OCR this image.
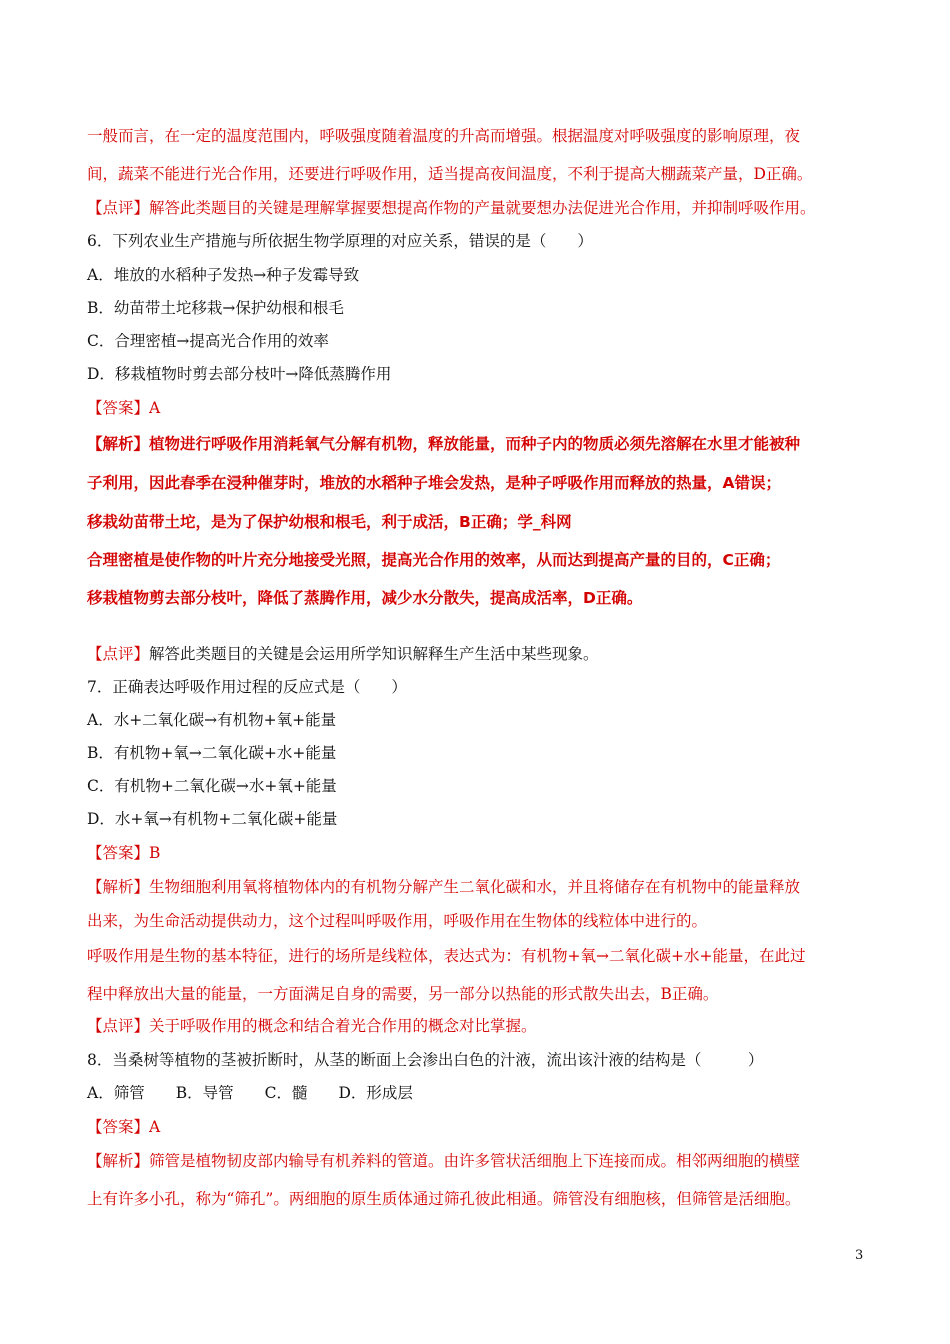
一般而言，在一定的温度范围内，呼吸强度随着温度的升高而增强。根据温度对呼吸强度的影响原理，夜
间，蔬菜不能进行光合作用，还要进行呼吸作用，适当提高夜间温度，不利于提高大棚蔬菜产量，D正确。
【点评】解答此类题目的关键是理解掌握要想提高作物的产量就要想办法促进光合作用，并抑制呼吸作用。
6．下列农业生产措施与所依据生物学原理的对应关系，错误的是（　　）
A．堆放的水稻种子发热→种子发霉导致
B．幼苗带土坨移栽→保护幼根和根毛
C．合理密植→提高光合作用的效率
D．移栽植物时剪去部分枝叶→降低蒸腾作用
【答案】A
【解析】植物进行呼吸作用消耗氧气分解有机物，释放能量，而种子内的物质必须先溶解在水里才能被种
子利用，因此春季在浸种催芽时，堆放的水稻种子堆会发热，是种子呼吸作用而释放的热量，A错误；
移栽幼苗带土坨，是为了保护幼根和根毛，利于成活，B正确；学_科网
合理密植是使作物的叶片充分地接受光照，提高光合作用的效率，从而达到提高产量的目的，C正确；
移栽植物剪去部分枝叶，降低了蒸腾作用，减少水分散失，提高成活率，D正确。
【点评】解答此类题目的关键是会运用所学知识解释生产生活中某些现象。
7．正确表达呼吸作用过程的反应式是（　　）
A．水+二氧化碳→有机物+氧+能量
B．有机物+氧→二氧化碳+水+能量
C．有机物+二氧化碳→水+氧+能量
D．水+氧→有机物+二氧化碳+能量
【答案】B
【解析】生物细胞利用氧将植物体内的有机物分解产生二氧化碳和水，并且将储存在有机物中的能量释放
出来，为生命活动提供动力，这个过程叫呼吸作用，呼吸作用在生物体的线粒体中进行的。
呼吸作用是生物的基本特征，进行的场所是线粒体，表达式为：有机物+氧→二氧化碳+水+能量，在此过
程中释放出大量的能量，一方面满足自身的需要，另一部分以热能的形式散失出去，B正确。
【点评】关于呼吸作用的概念和结合着光合作用的概念对比掌握。
8．当桑树等植物的茎被折断时，从茎的断面上会渗出白色的汁液，流出该汁液的结构是（　　　）
A．筛管　　B．导管　　C．髓　　D．形成层
【答案】A
【解析】筛管是植物韧皮部内输导有机养料的管道。由许多管状活细胞上下连接而成。相邻两细胞的横壁
上有许多小孔，称为“筛孔”。两细胞的原生质体通过筛孔彼此相通。筛管没有细胞核，但筛管是活细胞。
3
